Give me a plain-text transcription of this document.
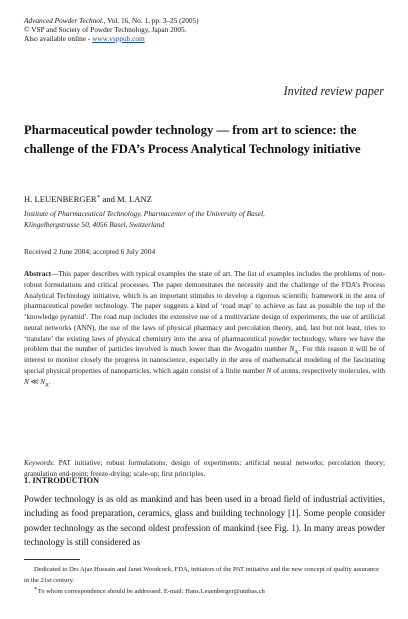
Advanced Powder Technol., Vol. 16, No. 1, pp. 3–25 (2005)
© VSP and Society of Powder Technology, Japan 2005.
Also available online - www.vsppub.com
Invited review paper
Pharmaceutical powder technology — from art to science: the challenge of the FDA’s Process Analytical Technology initiative
H. LEUENBERGER∗ and M. LANZ
Institute of Pharmaceutical Technology, Pharmacenter of the University of Basel,
Klingelbergstrasse 50, 4056 Basel, Switzerland
Received 2 June 2004; accepted 6 July 2004

Abstract—This paper describes with typical examples the state of art. The list of examples includes the problems of non-robust formulations and critical processes. The paper demonstrates the necessity and the challenge of the FDA’s Process Analytical Technology initiative, which is an important stimulus to develop a rigorous scientific framework in the area of pharmaceutical powder technology. The paper suggests a kind of ‘road map’ to achieve as fast as possible the top of the ‘knowledge pyramid’. The road map includes the extensive use of a multivariate design of experiments, the use of artificial neural networks (ANN), the use of the laws of physical pharmacy and percolation theory, and, last but not least, tries to ‘translate’ the existing laws of physical chemistry into the area of pharmaceutical powder technology, where we have the problem that the number of particles involved is much lower than the Avogadro number $N_A$. For this reason it will be of interest to monitor closely the progress in nanoscience, especially in the area of mathematical modeling of the fascinating special physical properties of nanoparticles, which again consist of a finite number N of atoms, respectively molecules, with N ≪ $N_A$.

Keywords: PAT initiative; robust formulations; design of experiments; artificial neural networks; percolation theory; granulation end-point; freeze-drying; scale-up; first principles.

1. INTRODUCTION

Powder technology is as old as mankind and has been used in a broad field of industrial activities, including as food preparation, ceramics, glass and building technology [1]. Some people consider powder technology as the second oldest profession of mankind (see Fig. 1). In many areas powder technology is still considered as

Dedicated to Drs Ajaz Hussain and Janet Woodcock, FDA, initiators of the PAT initiative and the new concept of quality assurance in the 21st century.

∗To whom correspondence should be addressed. E-mail: Hans.Leuenberger@unibas.ch
